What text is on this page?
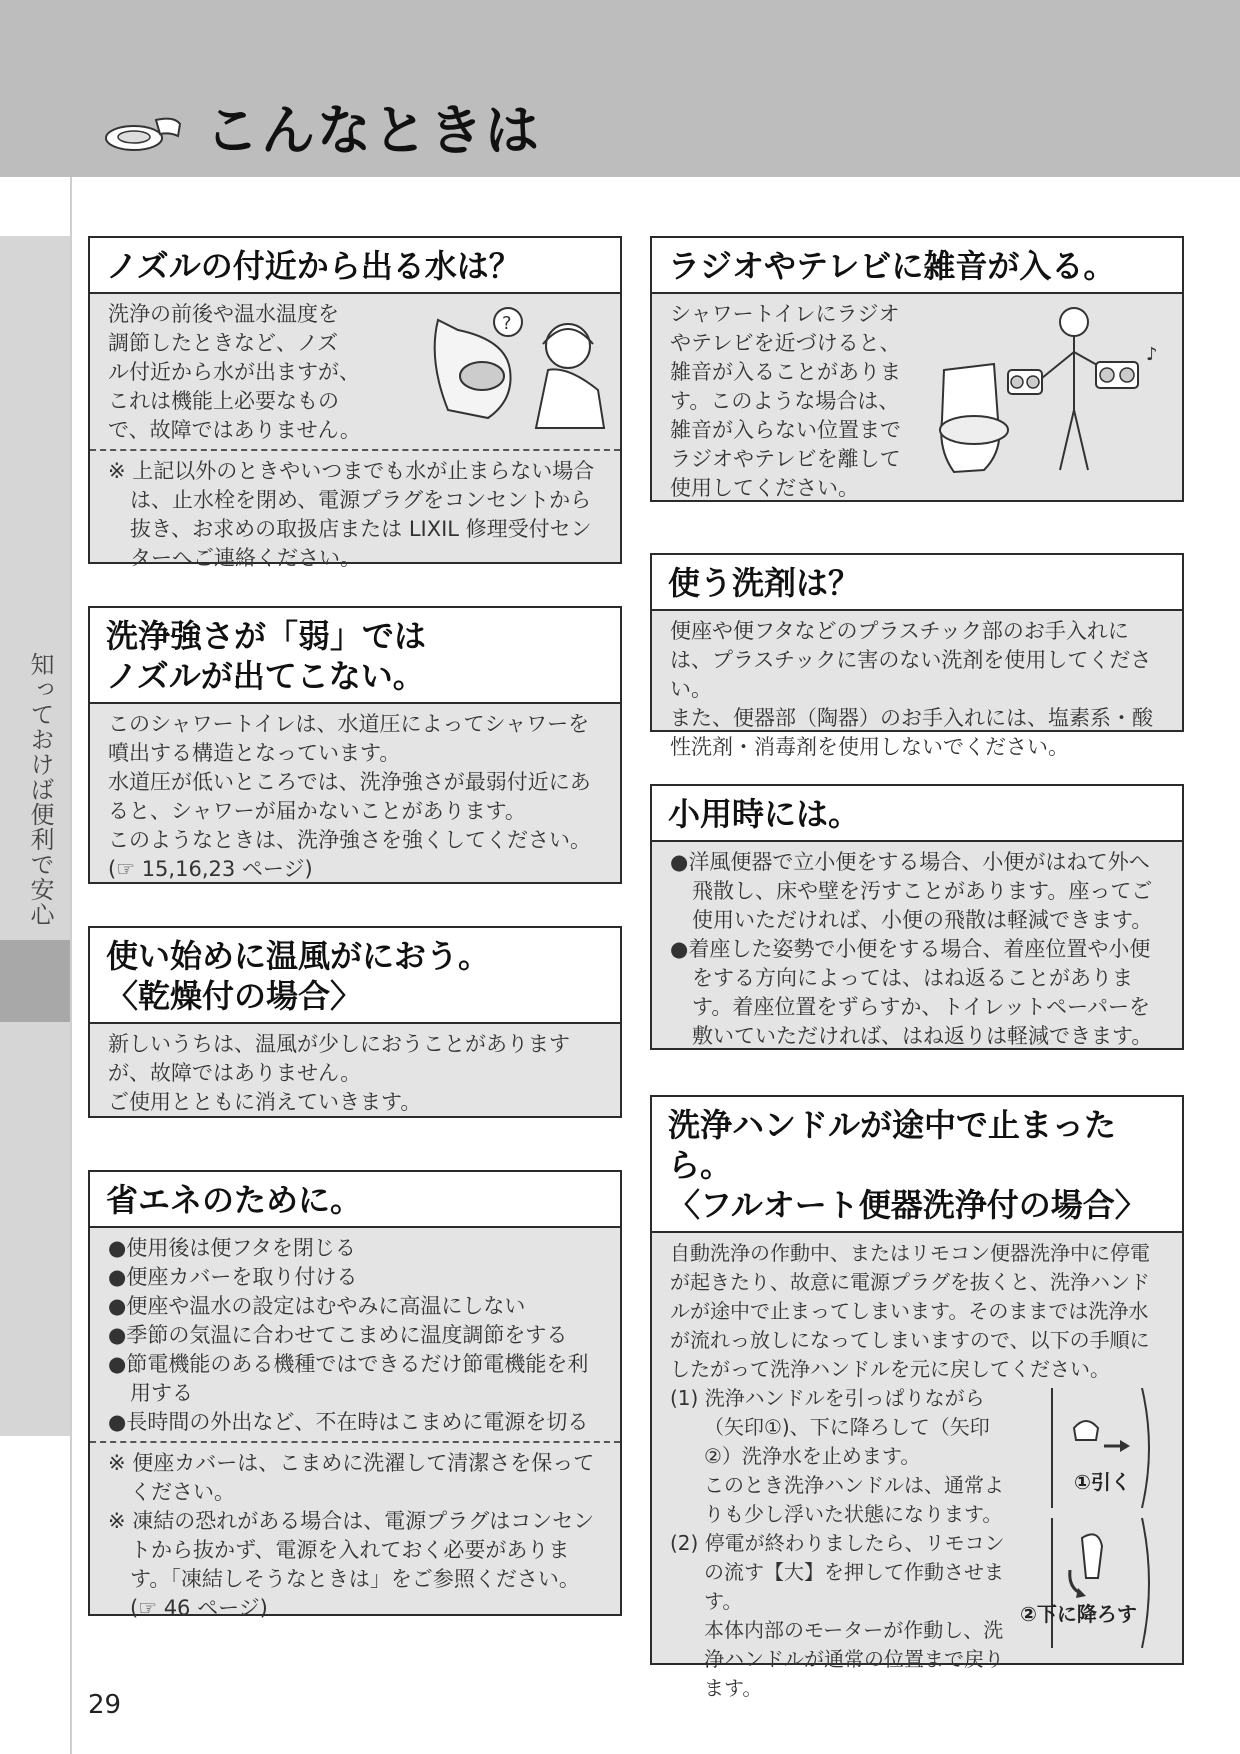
こんなときは
知っておけば便利で安心
ノズルの付近から出る水は？
?

洗浄の前後や温水温度を

調節したときなど、ノズ

ル付近から水が出ますが、

これは機能上必要なもの

で、故障ではありません。

※ 上記以外のときやいつまでも水が止まらない場合は、止水栓を閉め、電源プラグをコンセントから抜き、お求めの取扱店または LIXIL 修理受付センターへご連絡ください。

洗浄強さが「弱」では
ノズルが出てこない。

このシャワートイレは、水道圧によってシャワーを噴出する構造となっています。

水道圧が低いところでは、洗浄強さが最弱付近にあると、シャワーが届かないことがあります。

このようなときは、洗浄強さを強くしてください。

(☞ 15,16,23 ページ)

使い始めに温風がにおう。
〈乾燥付の場合〉

新しいうちは、温風が少しにおうことがありますが、故障ではありません。

ご使用とともに消えていきます。

省エネのために。

●使用後は便フタを閉じる

●便座カバーを取り付ける

●便座や温水の設定はむやみに高温にしない

●季節の気温に合わせてこまめに温度調節をする

●節電機能のある機種ではできるだけ節電機能を利用する

●長時間の外出など、不在時はこまめに電源を切る

※ 便座カバーは、こまめに洗濯して清潔さを保ってください。

※ 凍結の恐れがある場合は、電源プラグはコンセントから抜かず、電源を入れておく必要があります。「凍結しそうなときは」をご参照ください。(☞ 46 ページ)

ラジオやテレビに雑音が入る。
♪

シャワートイレにラジオ

やテレビを近づけると、

雑音が入ることがありま

す。このような場合は、

雑音が入らない位置まで

ラジオやテレビを離して

使用してください。

使う洗剤は？

便座や便フタなどのプラスチック部のお手入れには、プラスチックに害のない洗剤を使用してください。

また、便器部（陶器）のお手入れには、塩素系・酸性洗剤・消毒剤を使用しないでください。

小用時には。

●洋風便器で立小便をする場合、小便がはねて外へ飛散し、床や壁を汚すことがあります。座ってご使用いただければ、小便の飛散は軽減できます。

●着座した姿勢で小便をする場合、着座位置や小便をする方向によっては、はね返ることがあります。着座位置をずらすか、トイレットペーパーを敷いていただければ、はね返りは軽減できます。

洗浄ハンドルが途中で止まったら。
〈フルオート便器洗浄付の場合〉

自動洗浄の作動中、またはリモコン便器洗浄中に停電が起きたり、故意に電源プラグを抜くと、洗浄ハンドルが途中で止まってしまいます。そのままでは洗浄水が流れっ放しになってしまいますので、以下の手順にしたがって洗浄ハンドルを元に戻してください。

①引く
②下に降ろす

(1) 洗浄ハンドルを引っぱりながら（矢印①)、下に降ろして（矢印②）洗浄水を止めます。

このとき洗浄ハンドルは、通常よりも少し浮いた状態になります。

(2) 停電が終わりましたら、リモコンの流す【大】を押して作動させます。

本体内部のモーターが作動し、洗浄ハンドルが通常の位置まで戻ります。

29
